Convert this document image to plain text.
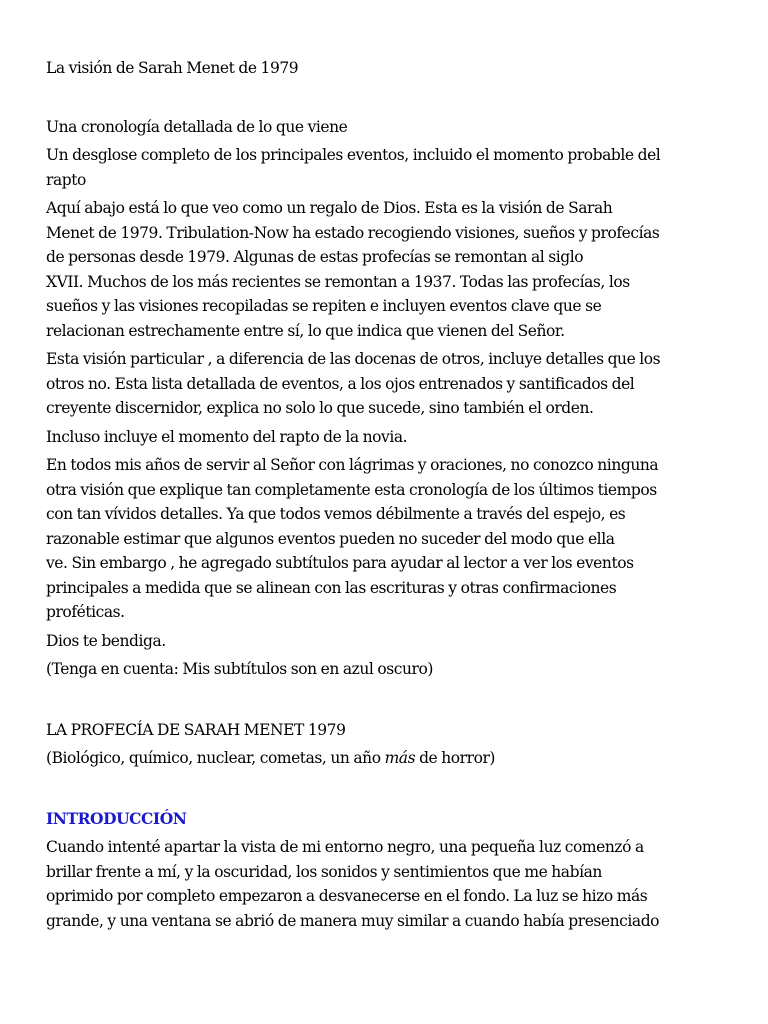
La visión de Sarah Menet de 1979

Una cronología detallada de lo que viene

Un desglose completo de los principales eventos, incluido el momento probable del
rapto

Aquí abajo está lo que veo como un regalo de Dios. Esta es la visión de Sarah
Menet de 1979. Tribulation-Now ha estado recogiendo visiones, sueños y profecías
de personas desde 1979. Algunas de estas profecías se remontan al siglo
XVII. Muchos de los más recientes se remontan a 1937. Todas las profecías, los
sueños y las visiones recopiladas se repiten e incluyen eventos clave que se
relacionan estrechamente entre sí, lo que indica que vienen del Señor.

Esta visión particular , a diferencia de las docenas de otros, incluye detalles que los
otros no. Esta lista detallada de eventos, a los ojos entrenados y santificados del
creyente discernidor, explica no solo lo que sucede, sino también el orden.

Incluso incluye el momento del rapto de la novia.

En todos mis años de servir al Señor con lágrimas y oraciones, no conozco ninguna
otra visión que explique tan completamente esta cronología de los últimos tiempos
con tan vívidos detalles. Ya que todos vemos débilmente a través del espejo, es
razonable estimar que algunos eventos pueden no suceder del modo que ella
ve. Sin embargo , he agregado subtítulos para ayudar al lector a ver los eventos
principales a medida que se alinean con las escrituras y otras confirmaciones
proféticas.

Dios te bendiga.

(Tenga en cuenta: Mis subtítulos son en azul oscuro)

LA PROFECÍA DE SARAH MENET 1979

(Biológico, químico, nuclear, cometas, un año más de horror)

INTRODUCCIÓN

Cuando intenté apartar la vista de mi entorno negro, una pequeña luz comenzó a
brillar frente a mí, y la oscuridad, los sonidos y sentimientos que me habían
oprimido por completo empezaron a desvanecerse en el fondo. La luz se hizo más
grande, y una ventana se abrió de manera muy similar a cuando había presenciado
